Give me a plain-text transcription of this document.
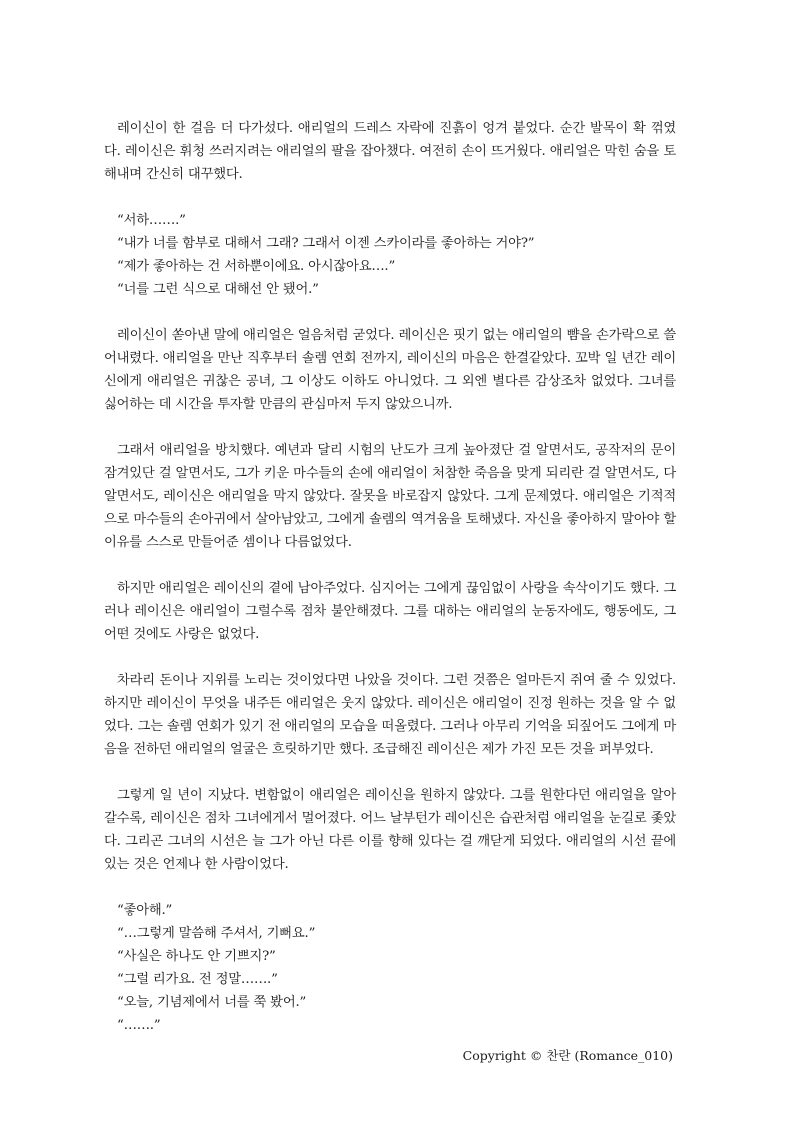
레이신이 한 걸음 더 다가섰다. 애리얼의 드레스 자락에 진흙이 엉겨 붙었다. 순간 발목이 확 꺾였다. 레이신은 휘청 쓰러지려는 애리얼의 팔을 잡아챘다. 여전히 손이 뜨거웠다. 애리얼은 막힌 숨을 토해내며 간신히 대꾸했다.

“서하…….”
“내가 너를 함부로 대해서 그래? 그래서 이젠 스카이라를 좋아하는 거야?”
“제가 좋아하는 건 서하뿐이에요. 아시잖아요….”
“너를 그런 식으로 대해선 안 됐어.”

레이신이 쏟아낸 말에 애리얼은 얼음처럼 굳었다. 레이신은 핏기 없는 애리얼의 뺨을 손가락으로 쓸어내렸다. 애리얼을 만난 직후부터 솔렘 연회 전까지, 레이신의 마음은 한결같았다. 꼬박 일 년간 레이신에게 애리얼은 귀찮은 공녀, 그 이상도 이하도 아니었다. 그 외엔 별다른 감상조차 없었다. 그녀를 싫어하는 데 시간을 투자할 만큼의 관심마저 두지 않았으니까.

그래서 애리얼을 방치했다. 예년과 달리 시험의 난도가 크게 높아졌단 걸 알면서도, 공작저의 문이 잠겨있단 걸 알면서도, 그가 키운 마수들의 손에 애리얼이 처참한 죽음을 맞게 되리란 걸 알면서도, 다 알면서도, 레이신은 애리얼을 막지 않았다. 잘못을 바로잡지 않았다. 그게 문제였다. 애리얼은 기적적으로 마수들의 손아귀에서 살아남았고, 그에게 솔렘의 역겨움을 토해냈다. 자신을 좋아하지 말아야 할 이유를 스스로 만들어준 셈이나 다름없었다.

하지만 애리얼은 레이신의 곁에 남아주었다. 심지어는 그에게 끊임없이 사랑을 속삭이기도 했다. 그러나 레이신은 애리얼이 그럴수록 점차 불안해졌다. 그를 대하는 애리얼의 눈동자에도, 행동에도, 그 어떤 것에도 사랑은 없었다.

차라리 돈이나 지위를 노리는 것이었다면 나았을 것이다. 그런 것쯤은 얼마든지 쥐여 줄 수 있었다. 하지만 레이신이 무엇을 내주든 애리얼은 웃지 않았다. 레이신은 애리얼이 진정 원하는 것을 알 수 없었다. 그는 솔렘 연회가 있기 전 애리얼의 모습을 떠올렸다. 그러나 아무리 기억을 되짚어도 그에게 마음을 전하던 애리얼의 얼굴은 흐릿하기만 했다. 조급해진 레이신은 제가 가진 모든 것을 퍼부었다.

그렇게 일 년이 지났다. 변함없이 애리얼은 레이신을 원하지 않았다. 그를 원한다던 애리얼을 알아갈수록, 레이신은 점차 그녀에게서 멀어졌다. 어느 날부턴가 레이신은 습관처럼 애리얼을 눈길로 좇았다. 그리곤 그녀의 시선은 늘 그가 아닌 다른 이를 향해 있다는 걸 깨닫게 되었다. 애리얼의 시선 끝에 있는 것은 언제나 한 사람이었다.

“좋아해.”
“…그렇게 말씀해 주셔서, 기뻐요.”
“사실은 하나도 안 기쁘지?”
“그럴 리가요. 전 정말…….”
“오늘, 기념제에서 너를 쭉 봤어.”
“…….”
Copyright © 찬란 (Romance_010)
